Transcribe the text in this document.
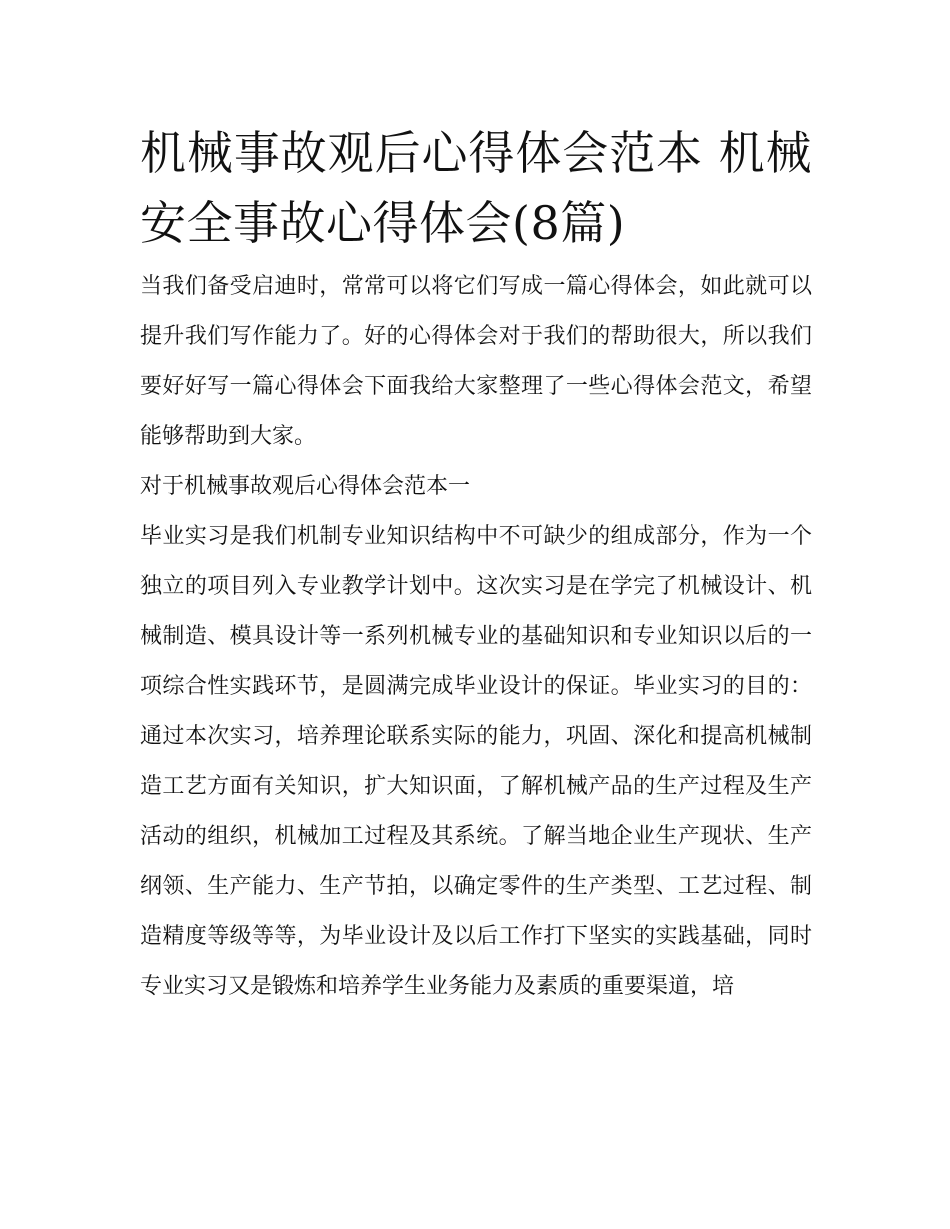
机械事故观后心得体会范本 机械安全事故心得体会(8篇)

当我们备受启迪时，常常可以将它们写成一篇心得体会，如此就可以提升我们写作能力了。好的心得体会对于我们的帮助很大，所以我们要好好写一篇心得体会下面我给大家整理了一些心得体会范文，希望能够帮助到大家。

对于机械事故观后心得体会范本一

毕业实习是我们机制专业知识结构中不可缺少的组成部分，作为一个独立的项目列入专业教学计划中。这次实习是在学完了机械设计、机械制造、模具设计等一系列机械专业的基础知识和专业知识以后的一项综合性实践环节，是圆满完成毕业设计的保证。毕业实习的目的：通过本次实习，培养理论联系实际的能力，巩固、深化和提高机械制造工艺方面有关知识，扩大知识面，了解机械产品的生产过程及生产活动的组织，机械加工过程及其系统。了解当地企业生产现状、生产纲领、生产能力、生产节拍，以确定零件的生产类型、工艺过程、制造精度等级等等，为毕业设计及以后工作打下坚实的实践基础，同时专业实习又是锻炼和培养学生业务能力及素质的重要渠道，培
